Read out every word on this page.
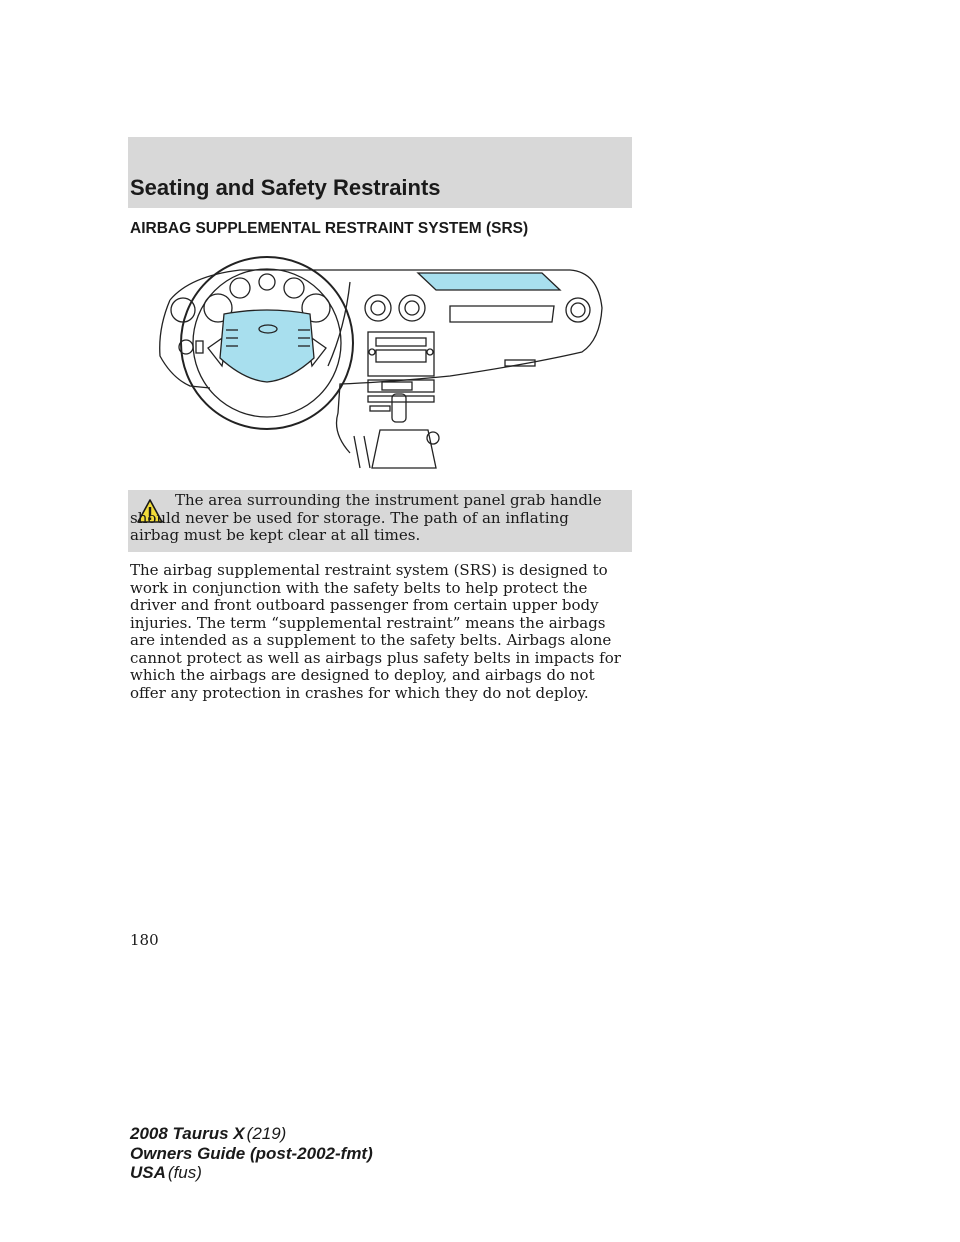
Seating and Safety Restraints
AIRBAG SUPPLEMENTAL RESTRAINT SYSTEM (SRS)

The area surrounding the instrument panel grab handle should never be used for storage. The path of an inflating airbag must be kept clear at all times.

The airbag supplemental restraint system (SRS) is designed to work in conjunction with the safety belts to help protect the driver and front outboard passenger from certain upper body injuries. The term “supplemental restraint” means the airbags are intended as a supplement to the safety belts. Airbags alone cannot protect as well as airbags plus safety belts in impacts for which the airbags are designed to deploy, and airbags do not offer any protection in crashes for which they do not deploy.

180
2008 Taurus X (219)
Owners Guide (post-2002-fmt)
USA (fus)
